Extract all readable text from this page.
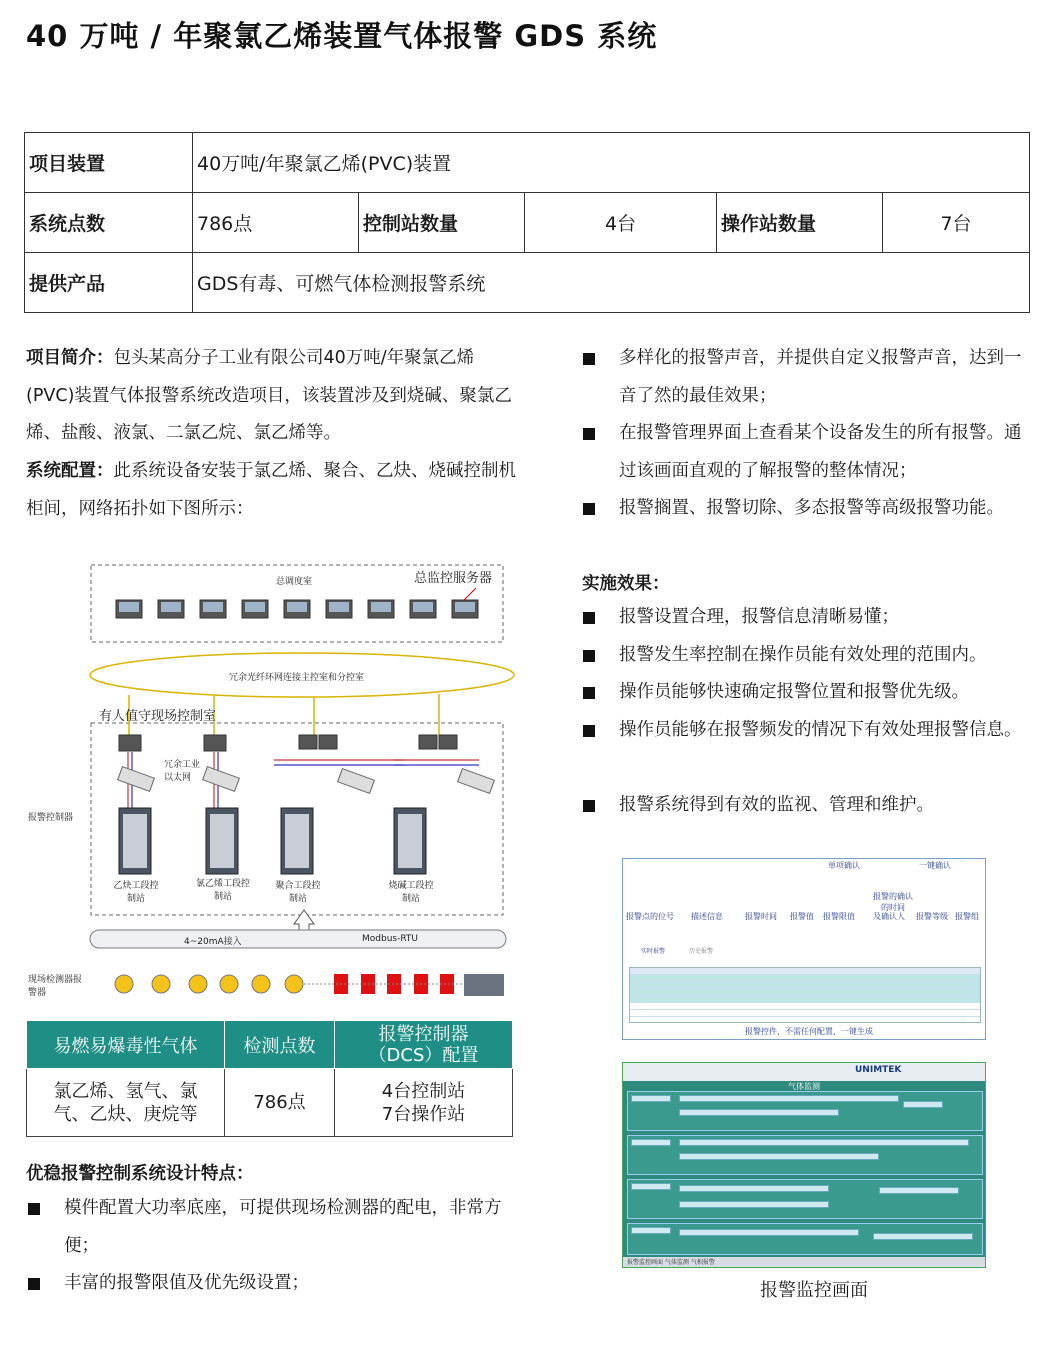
40 万吨 / 年聚氯乙烯装置气体报警 GDS 系统
项目装置	40万吨/年聚氯乙烯(PVC)装置				
系统点数	786点	控制站数量	4台	操作站数量	7台
提供产品	GDS有毒、可燃气体检测报警系统				
项目简介：包头某高分子工业有限公司40万吨/年聚氯乙烯(PVC)装置气体报警系统改造项目，该装置涉及到烧碱、聚氯乙烯、盐酸、液氯、二氯乙烷、氯乙烯等。
系统配置：此系统设备安装于氯乙烯、聚合、乙炔、烧碱控制机柜间，网络拓扑如下图所示：
多样化的报警声音，并提供自定义报警声音，达到一音了然的最佳效果；
在报警管理界面上查看某个设备发生的所有报警。通过该画面直观的了解报警的整体情况；
报警搁置、报警切除、多态报警等高级报警功能。
实施效果：
报警设置合理，报警信息清晰易懂；
报警发生率控制在操作员能有效处理的范围内。
操作员能够快速确定报警位置和报警优先级。
操作员能够在报警频发的情况下有效处理报警信息。
报警系统得到有效的监视、管理和维护。
总调度室	总监控服务器
冗余光纤环网连接主控室和分控室
有人值守现场控制室
冗余工业以太网
报警控制器
乙炔工段控制站
氯乙烯工段控制站
聚合工段控制站
烧碱工段控制站
4~20mA接入	Modbus-RTU
现场检测器报警器
易燃易爆毒性气体	检测点数	报警控制器（DCS）配置
氯乙烯、氢气、氯气、乙炔、庚烷等	786点	4台控制站
7台操作站
优稳报警控制系统设计特点：
模件配置大功率底座，可提供现场检测器的配电，非常方便；
丰富的报警限值及优先级设置；
单项确认	一键确认
报警的确认的时间
报警点的位号 描述信息	报警时间 报警值 报警限值 及确认人 报警等级 报警组
实时报警	历史报警
报警控件，不需任何配置，一键生成
UNIMTEK
气体监测
报警监控画面 气体监测 气相报警
报警监控画面
